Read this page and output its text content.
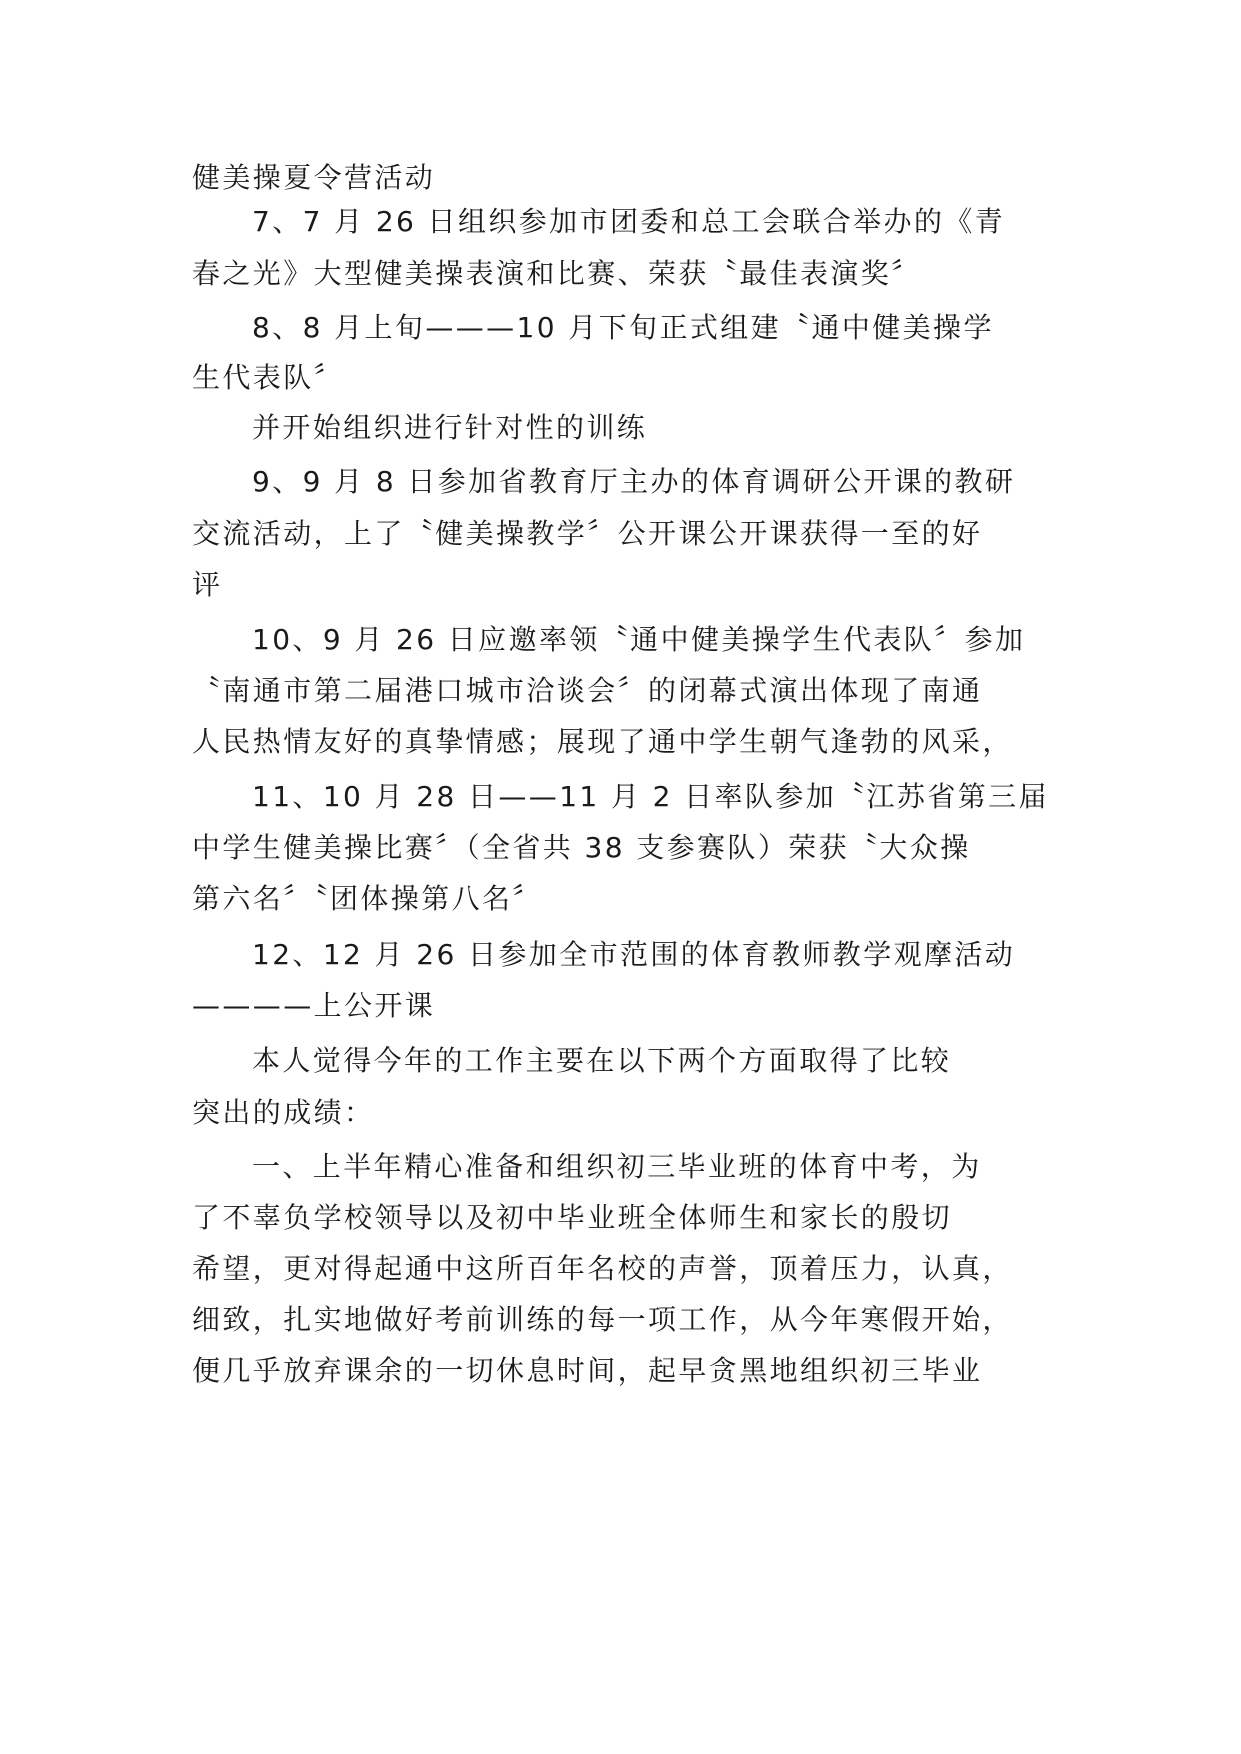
健美操夏令营活动
7、7 月 26 日组织参加市团委和总工会联合举办的《青
春之光》大型健美操表演和比赛、荣获〝最佳表演奖〞
8、8 月上旬———10 月下旬正式组建〝通中健美操学
生代表队〞
并开始组织进行针对性的训练
9、9 月 8 日参加省教育厅主办的体育调研公开课的教研
交流活动，上了〝健美操教学〞公开课公开课获得一至的好
评
10、9 月 26 日应邀率领〝通中健美操学生代表队〞参加
〝南通市第二届港口城市洽谈会〞的闭幕式演出体现了南通
人民热情友好的真挚情感；展现了通中学生朝气逢勃的风采，
11、10 月 28 日——11 月 2 日率队参加〝江苏省第三届
中学生健美操比赛〞（全省共 38 支参赛队）荣获〝大众操
第六名〞〝团体操第八名〞
12、12 月 26 日参加全市范围的体育教师教学观摩活动
————上公开课
本人觉得今年的工作主要在以下两个方面取得了比较
突出的成绩：
一、上半年精心准备和组织初三毕业班的体育中考，为
了不辜负学校领导以及初中毕业班全体师生和家长的殷切
希望，更对得起通中这所百年名校的声誉，顶着压力，认真，
细致，扎实地做好考前训练的每一项工作，从今年寒假开始，
便几乎放弃课余的一切休息时间，起早贪黑地组织初三毕业
